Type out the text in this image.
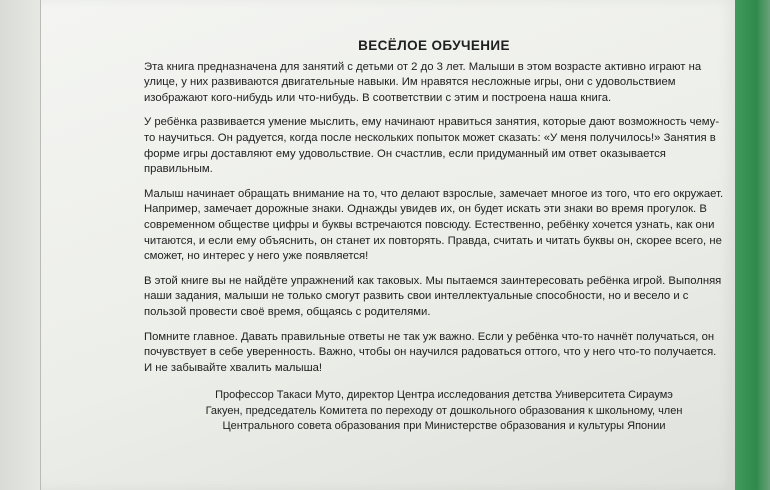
ВЕСЁЛОЕ ОБУЧЕНИЕ

Эта книга предназначена для занятий с детьми от 2 до 3 лет. Малыши в этом возрасте активно играют на улице, у них развиваются двигательные навыки. Им нравятся несложные игры, они с удовольствием изображают кого-нибудь или что-нибудь. В соответствии с этим и построена наша книга.

У ребёнка развивается умение мыслить, ему начинают нравиться занятия, которые дают возможность чему-то научиться. Он радуется, когда после нескольких попыток может сказать: «У меня получилось!» Занятия в форме игры доставляют ему удовольствие. Он счастлив, если придуманный им ответ оказывается правильным.

Малыш начинает обращать внимание на то, что делают взрослые, замечает многое из того, что его окружает. Например, замечает дорожные знаки. Однажды увидев их, он будет искать эти знаки во время прогулок. В современном обществе цифры и буквы встречаются повсюду. Естественно, ребёнку хочется узнать, как они читаются, и если ему объяснить, он станет их повторять. Правда, считать и читать буквы он, скорее всего, не сможет, но интерес у него уже появляется!

В этой книге вы не найдёте упражнений как таковых. Мы пытаемся заинтересовать ребёнка игрой. Выполняя наши задания, малыши не только смогут развить свои интеллектуальные способности, но и весело и с пользой провести своё время, общаясь с родителями.

Помните главное. Давать правильные ответы не так уж важно. Если у ребёнка что-то начнёт получаться, он почувствует в себе уверенность. Важно, чтобы он научился радоваться оттого, что у него что-то получается. И не забывайте хвалить малыша!

Профессор Такаси Муто, директор Центра исследования детства Университета Сираумэ
Гакуен, председатель Комитета по переходу от дошкольного образования к школьному, член
Центрального совета образования при Министерстве образования и культуры Японии
